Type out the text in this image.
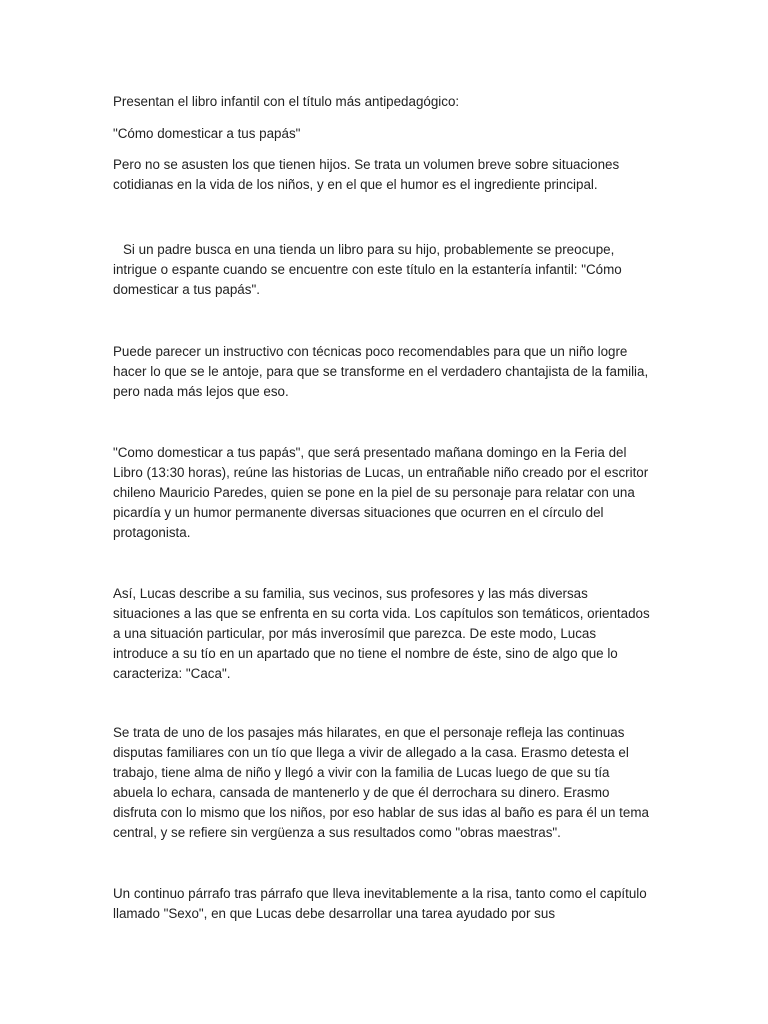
Presentan el libro infantil con el título más antipedagógico:

"Cómo domesticar a tus papás"

Pero no se asusten los que tienen hijos. Se trata un volumen breve sobre situaciones cotidianas en la vida de los niños, y en el que el humor es el ingrediente principal.

Si un padre busca en una tienda un libro para su hijo, probablemente se preocupe, intrigue o espante cuando se encuentre con este título en la estantería infantil: "Cómo domesticar a tus papás".

Puede parecer un instructivo con técnicas poco recomendables para que un niño logre hacer lo que se le antoje, para que se transforme en el verdadero chantajista de la familia, pero nada más lejos que eso.

"Como domesticar a tus papás", que será presentado mañana domingo en la Feria del Libro (13:30 horas), reúne las historias de Lucas, un entrañable niño creado por el escritor chileno Mauricio Paredes, quien se pone en la piel de su personaje para relatar con una picardía y un humor permanente diversas situaciones que ocurren en el círculo del protagonista.

Así, Lucas describe a su familia, sus vecinos, sus profesores y las más diversas situaciones a las que se enfrenta en su corta vida. Los capítulos son temáticos, orientados a una situación particular, por más inverosímil que parezca. De este modo, Lucas introduce a su tío en un apartado que no tiene el nombre de éste, sino de algo que lo caracteriza: "Caca".

Se trata de uno de los pasajes más hilarates, en que el personaje refleja las continuas disputas familiares con un tío que llega a vivir de allegado a la casa. Erasmo detesta el trabajo, tiene alma de niño y llegó a vivir con la familia de Lucas luego de que su tía abuela lo echara, cansada de mantenerlo y de que él derrochara su dinero. Erasmo disfruta con lo mismo que los niños, por eso hablar de sus idas al baño es para él un tema central, y se refiere sin vergüenza a sus resultados como "obras maestras".

Un continuo párrafo tras párrafo que lleva inevitablemente a la risa, tanto como el capítulo llamado "Sexo", en que Lucas debe desarrollar una tarea ayudado por sus
